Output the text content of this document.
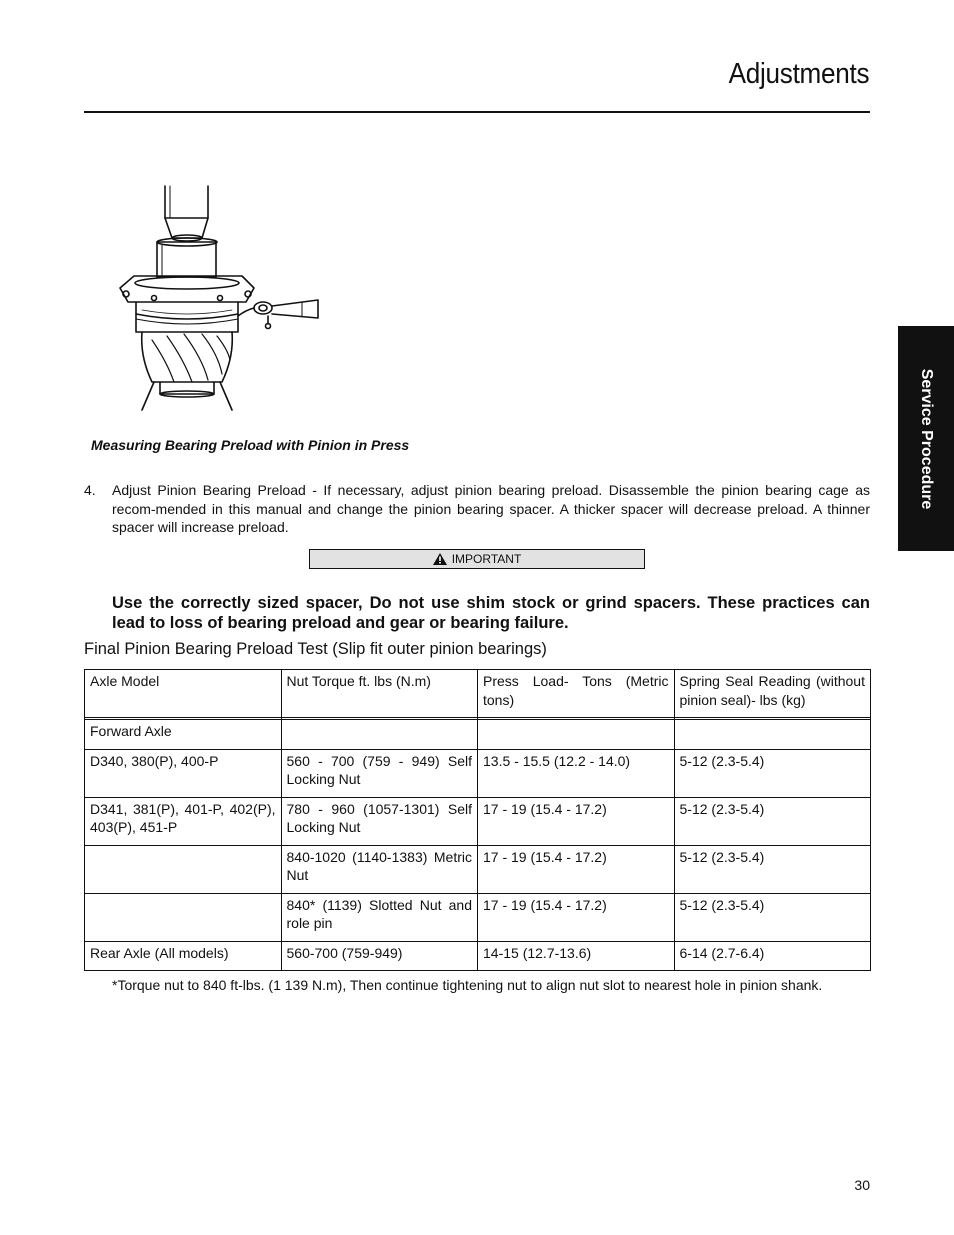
Adjustments
Service Procedure
Measuring Bearing Preload with Pinion in Press
4. Adjust Pinion Bearing Preload - If necessary, adjust pinion bearing preload. Disassemble the pinion bearing cage as recom-mended in this manual and change the pinion bearing spacer. A thicker spacer will decrease preload. A thinner spacer will increase preload.
IMPORTANT
Use the correctly sized spacer, Do not use shim stock or grind spacers. These practices can lead to loss of bearing preload and gear or bearing failure.
Final Pinion Bearing Preload Test (Slip fit outer pinion bearings)
Axle Model	Nut Torque ft. lbs (N.m)	Press Load- Tons (Metric tons)	Spring Seal Reading (without pinion seal)- lbs (kg)

Forward Axle			
D340, 380(P), 400-P	560 - 700 (759 - 949) Self Locking Nut	13.5 - 15.5 (12.2 - 14.0)	5-12 (2.3-5.4)
D341, 381(P), 401-P, 402(P), 403(P), 451-P	780 - 960 (1057-1301) Self Locking Nut	17 - 19 (15.4 - 17.2)	5-12 (2.3-5.4)
	840-1020 (1140-1383) Metric Nut	17 - 19 (15.4 - 17.2)	5-12 (2.3-5.4)
	840* (1139) Slotted Nut and role pin	17 - 19 (15.4 - 17.2)	5-12 (2.3-5.4)
Rear Axle (All models)	560-700 (759-949)	14-15 (12.7-13.6)	6-14 (2.7-6.4)
*Torque nut to 840 ft-lbs. (1 139 N.m), Then continue tightening nut to align nut slot to nearest hole in pinion shank.
30
